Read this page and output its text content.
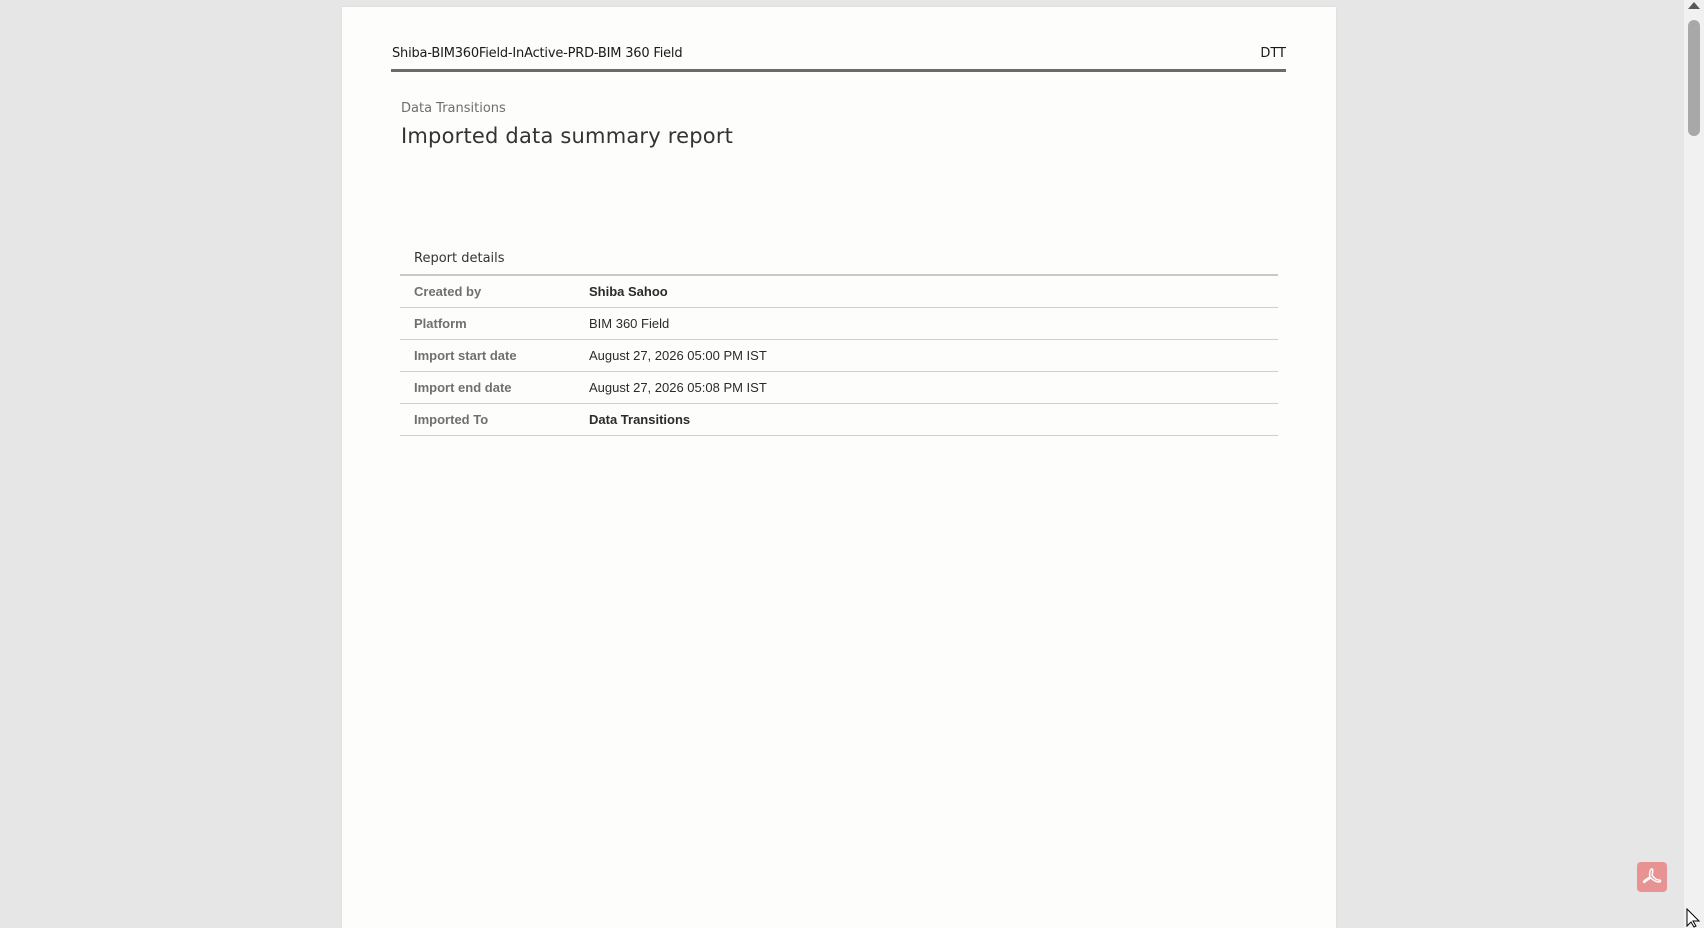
Shiba-BIM360Field-InActive-PRD-BIM 360 Field	DTT
Data Transitions
Imported data summary report
Report details
Created by	Shiba Sahoo
Platform	BIM 360 Field
Import start date	August 27, 2026 05:00 PM IST
Import end date	August 27, 2026 05:08 PM IST
Imported To	Data Transitions
